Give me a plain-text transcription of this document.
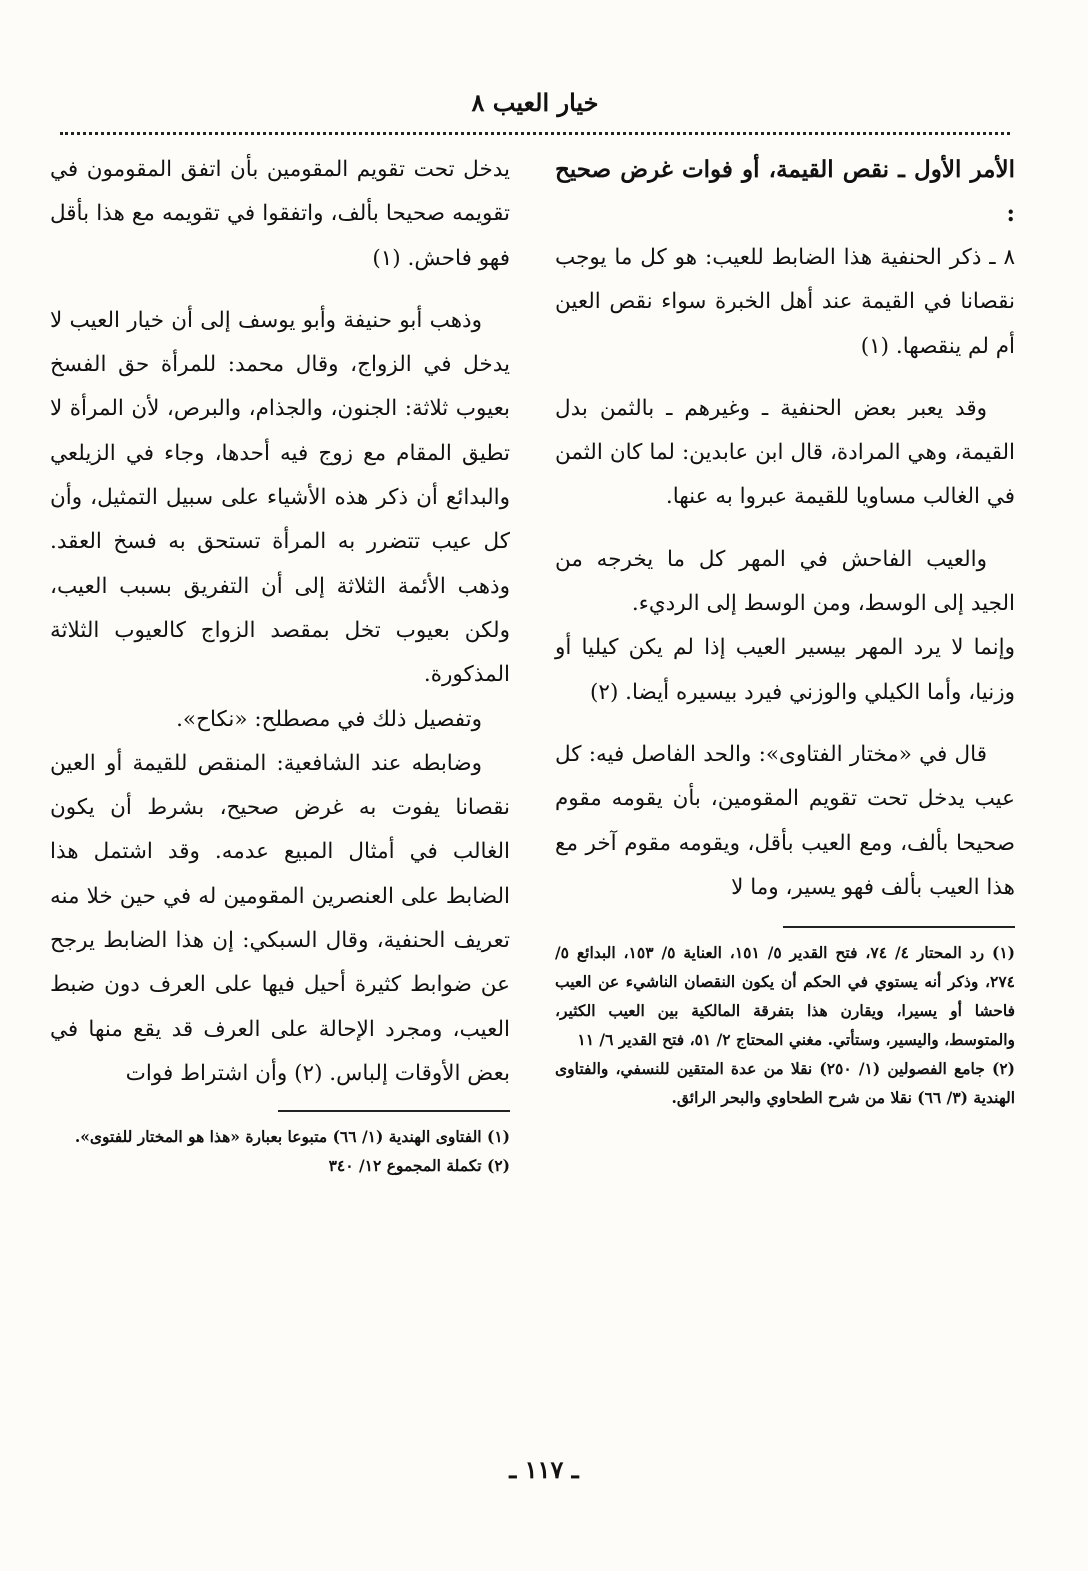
خيار العيب ٨

الأمر الأول ـ نقص القيمة، أو فوات غرض صحيح :

٨ ـ ذكر الحنفية هذا الضابط للعيب: هو كل ما يوجب نقصانا في القيمة عند أهل الخبرة سواء نقص العين أم لم ينقصها. (١)

وقد يعبر بعض الحنفية ـ وغيرهم ـ بالثمن بدل القيمة، وهي المرادة، قال ابن عابدين: لما كان الثمن في الغالب مساويا للقيمة عبروا به عنها.

والعيب الفاحش في المهر كل ما يخرجه من الجيد إلى الوسط، ومن الوسط إلى الرديء.

وإنما لا يرد المهر بيسير العيب إذا لم يكن كيليا أو وزنيا، وأما الكيلي والوزني فيرد بيسيره أيضا. (٢)

قال في «مختار الفتاوى»: والحد الفاصل فيه: كل عيب يدخل تحت تقويم المقومين، بأن يقومه مقوم صحيحا بألف، ومع العيب بأقل، ويقومه مقوم آخر مع هذا العيب بألف فهو يسير، وما لا

(١) رد المحتار ٤/ ٧٤، فتح القدير ٥/ ١٥١، العناية ٥/ ١٥٣، البدائع ٥/ ٢٧٤، وذكر أنه يستوي في الحكم أن يكون النقصان الناشيء عن العيب فاحشا أو يسيرا، ويقارن هذا بتفرقة المالكية بين العيب الكثير، والمتوسط، واليسير، وستأتي. مغني المحتاج ٢/ ٥١، فتح القدير ٦/ ١١

(٢) جامع الفصولين (١/ ٢٥٠) نقلا من عدة المتقين للنسفي، والفتاوى الهندية (٣/ ٦٦) نقلا من شرح الطحاوي والبحر الرائق.

يدخل تحت تقويم المقومين بأن اتفق المقومون في تقويمه صحيحا بألف، واتفقوا في تقويمه مع هذا بأقل فهو فاحش. (١)

وذهب أبو حنيفة وأبو يوسف إلى أن خيار العيب لا يدخل في الزواج، وقال محمد: للمرأة حق الفسخ بعيوب ثلاثة: الجنون، والجذام، والبرص، لأن المرأة لا تطيق المقام مع زوج فيه أحدها، وجاء في الزيلعي والبدائع أن ذكر هذه الأشياء على سبيل التمثيل، وأن كل عيب تتضرر به المرأة تستحق به فسخ العقد. وذهب الأئمة الثلاثة إلى أن التفريق بسبب العيب، ولكن بعيوب تخل بمقصد الزواج كالعيوب الثلاثة المذكورة.

وتفصيل ذلك في مصطلح: «نكاح».

وضابطه عند الشافعية: المنقص للقيمة أو العين نقصانا يفوت به غرض صحيح، بشرط أن يكون الغالب في أمثال المبيع عدمه. وقد اشتمل هذا الضابط على العنصرين المقومين له في حين خلا منه تعريف الحنفية، وقال السبكي: إن هذا الضابط يرجح عن ضوابط كثيرة أحيل فيها على العرف دون ضبط العيب، ومجرد الإحالة على العرف قد يقع منها في بعض الأوقات إلباس. (٢) وأن اشتراط فوات

(١) الفتاوى الهندية (١/ ٦٦) متبوعا بعبارة «هذا هو المختار للفتوى».

(٢) تكملة المجموع ١٢/ ٣٤٠

ـ ١١٧ ـ
